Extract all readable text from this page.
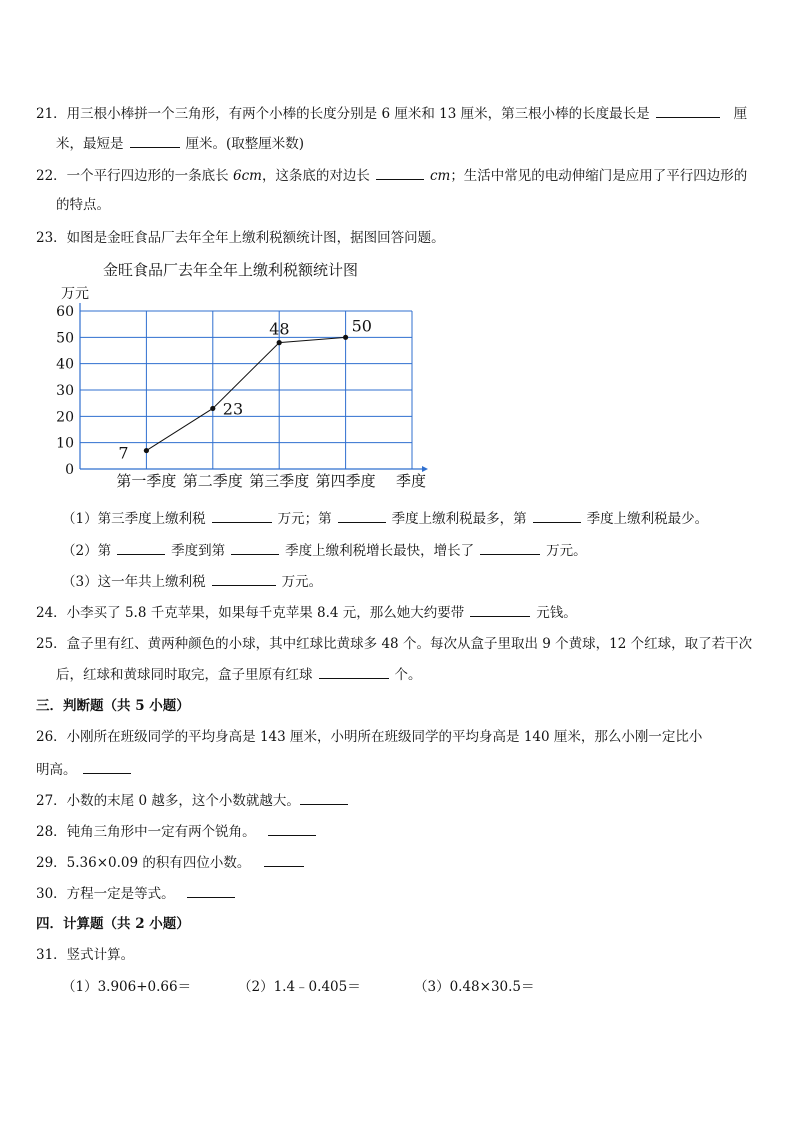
21．用三根小棒拼一个三角形，有两个小棒的长度分别是 6 厘米和 13 厘米，第三根小棒的长度最长是	厘
米，最短是	厘米。(取整厘米数)
22．一个平行四边形的一条底长 6cm，这条底的对边长	cm；生活中常见的电动伸缩门是应用了平行四边形的
的特点。
23．如图是金旺食品厂去年全年上缴利税额统计图，据图回答问题。
金旺食品厂去年全年上缴利税额统计图
万元
0
10
20
30
40
50
60
第一季度 第二季度 第三季度 第四季度
7
23
48	50
季度
（1）第三季度上缴利税	万元；第	季度上缴利税最多，第	季度上缴利税最少。
（2）第	季度到第	季度上缴利税增长最快，增长了	万元。
（3）这一年共上缴利税	万元。
24．小李买了 5.8 千克苹果，如果每千克苹果 8.4 元，那么她大约要带	元钱。
25．盒子里有红、黄两种颜色的小球，其中红球比黄球多 48 个。每次从盒子里取出 9 个黄球，12 个红球，取了若干次
后，红球和黄球同时取完，盒子里原有红球	个。
三．判断题（共 5 小题）
26．小刚所在班级同学的平均身高是 143 厘米，小明所在班级同学的平均身高是 140 厘米，那么小刚一定比小
明高。
27．小数的末尾 0 越多，这个小数就越大。
28．钝角三角形中一定有两个锐角。
29．5.36×0.09 的积有四位小数。
30．方程一定是等式。
四．计算题（共 2 小题）
31．竖式计算。
（1）3.906+0.66＝	（2）1.4﹣0.405＝	（3）0.48×30.5＝
